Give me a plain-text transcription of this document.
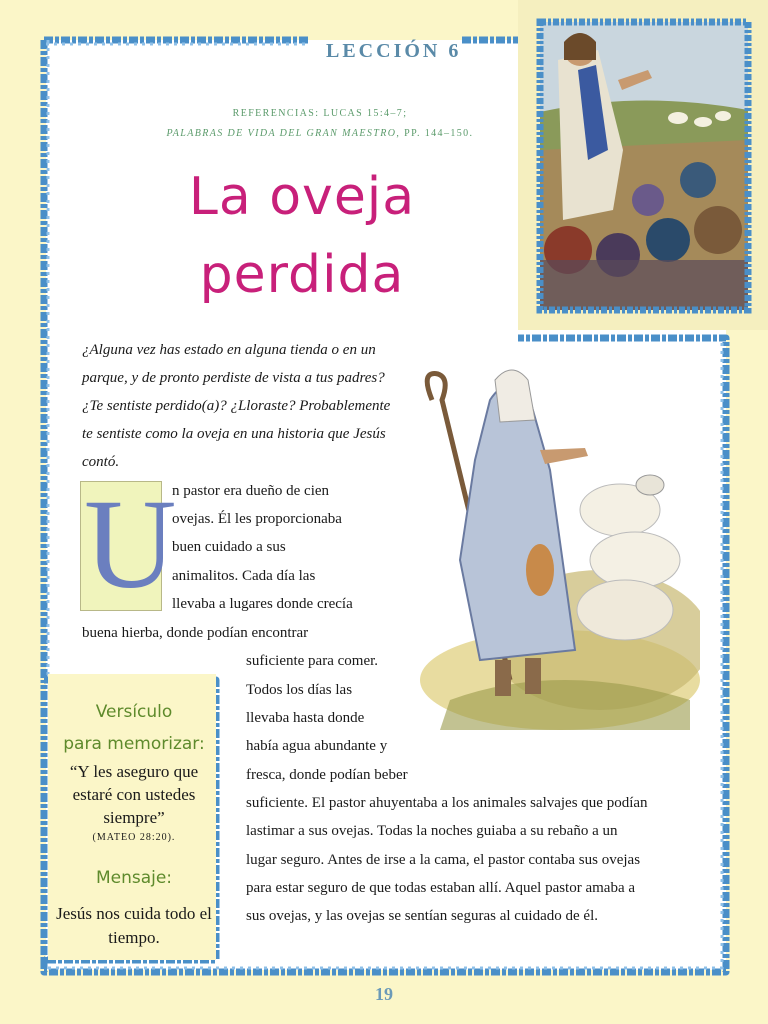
LECCIÓN 6
REFERENCIAS: LUCAS 15:4–7;
PALABRAS DE VIDA DEL GRAN MAESTRO, PP. 144–150.
La oveja
perdida
¿Alguna vez has estado en alguna tienda o en un parque, y de pronto perdiste de vista a tus padres? ¿Te sentiste perdido(a)? ¿Lloraste? Probablemente te sentiste como la oveja en una historia que Jesús contó.
U
n pastor era dueño de cien
ovejas. Él les proporcionaba
buen cuidado a sus
animalitos. Cada día las
llevaba a lugares donde crecía
buena hierba, donde podían encontrar
suficiente para comer.
Todos los días las
llevaba hasta donde
había agua abundante y
fresca, donde podían beber
suficiente. El pastor ahuyentaba a los animales salvajes que podían
lastimar a sus ovejas. Todas la noches guiaba a su rebaño a un
lugar seguro. Antes de irse a la cama, el pastor contaba sus ovejas
para estar seguro de que todas estaban allí. Aquel pastor amaba a
sus ovejas, y las ovejas se sentían seguras al cuidado de él.
Versículo
para memorizar:
“Y les aseguro que estaré con ustedes siempre”
(MATEO 28:20).
Mensaje:
Jesús nos cuida todo el tiempo.
19
